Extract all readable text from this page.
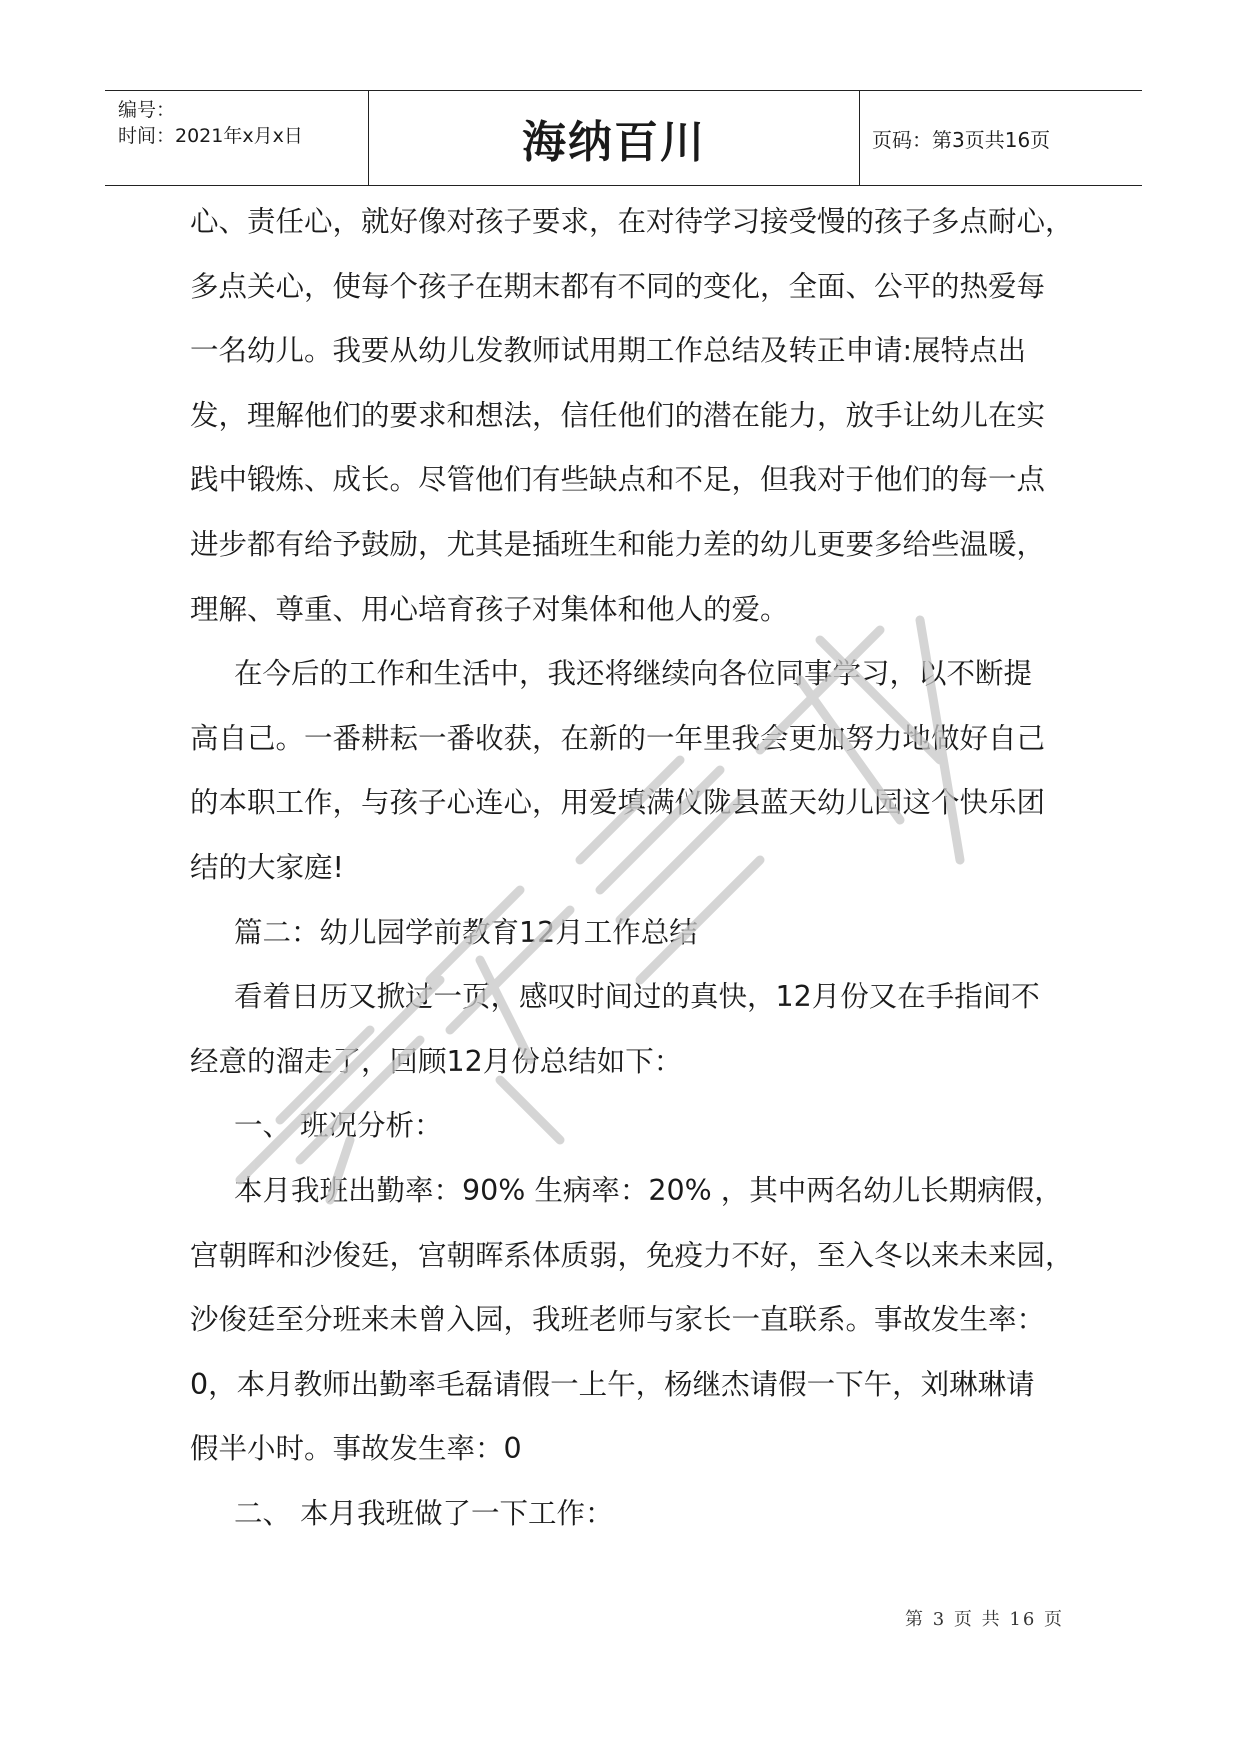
编号：
时间：2021年x月x日	海纳百川	页码：第3页共16页
心、责任心，就好像对孩子要求，在对待学习接受慢的孩子多点耐心，
多点关心，使每个孩子在期末都有不同的变化，全面、公平的热爱每
一名幼儿。我要从幼儿发教师试用期工作总结及转正申请:展特点出
发，理解他们的要求和想法，信任他们的潜在能力，放手让幼儿在实
践中锻炼、成长。尽管他们有些缺点和不足，但我对于他们的每一点
进步都有给予鼓励，尤其是插班生和能力差的幼儿更要多给些温暖，
理解、尊重、用心培育孩子对集体和他人的爱。
在今后的工作和生活中，我还将继续向各位同事学习，以不断提
高自己。一番耕耘一番收获，在新的一年里我会更加努力地做好自己
的本职工作，与孩子心连心，用爱填满仪陇县蓝天幼儿园这个快乐团
结的大家庭!
篇二：幼儿园学前教育12月工作总结
看着日历又掀过一页，感叹时间过的真快，12月份又在手指间不
经意的溜走了，回顾12月份总结如下：
一、 班况分析：
本月我班出勤率：90% 生病率：20% ，其中两名幼儿长期病假，
宫朝晖和沙俊廷，宫朝晖系体质弱，免疫力不好，至入冬以来未来园，
沙俊廷至分班来未曾入园，我班老师与家长一直联系。事故发生率：
0，本月教师出勤率毛磊请假一上午，杨继杰请假一下午，刘琳琳请
假半小时。事故发生率：0
二、 本月我班做了一下工作：
第 3 页 共 16 页
